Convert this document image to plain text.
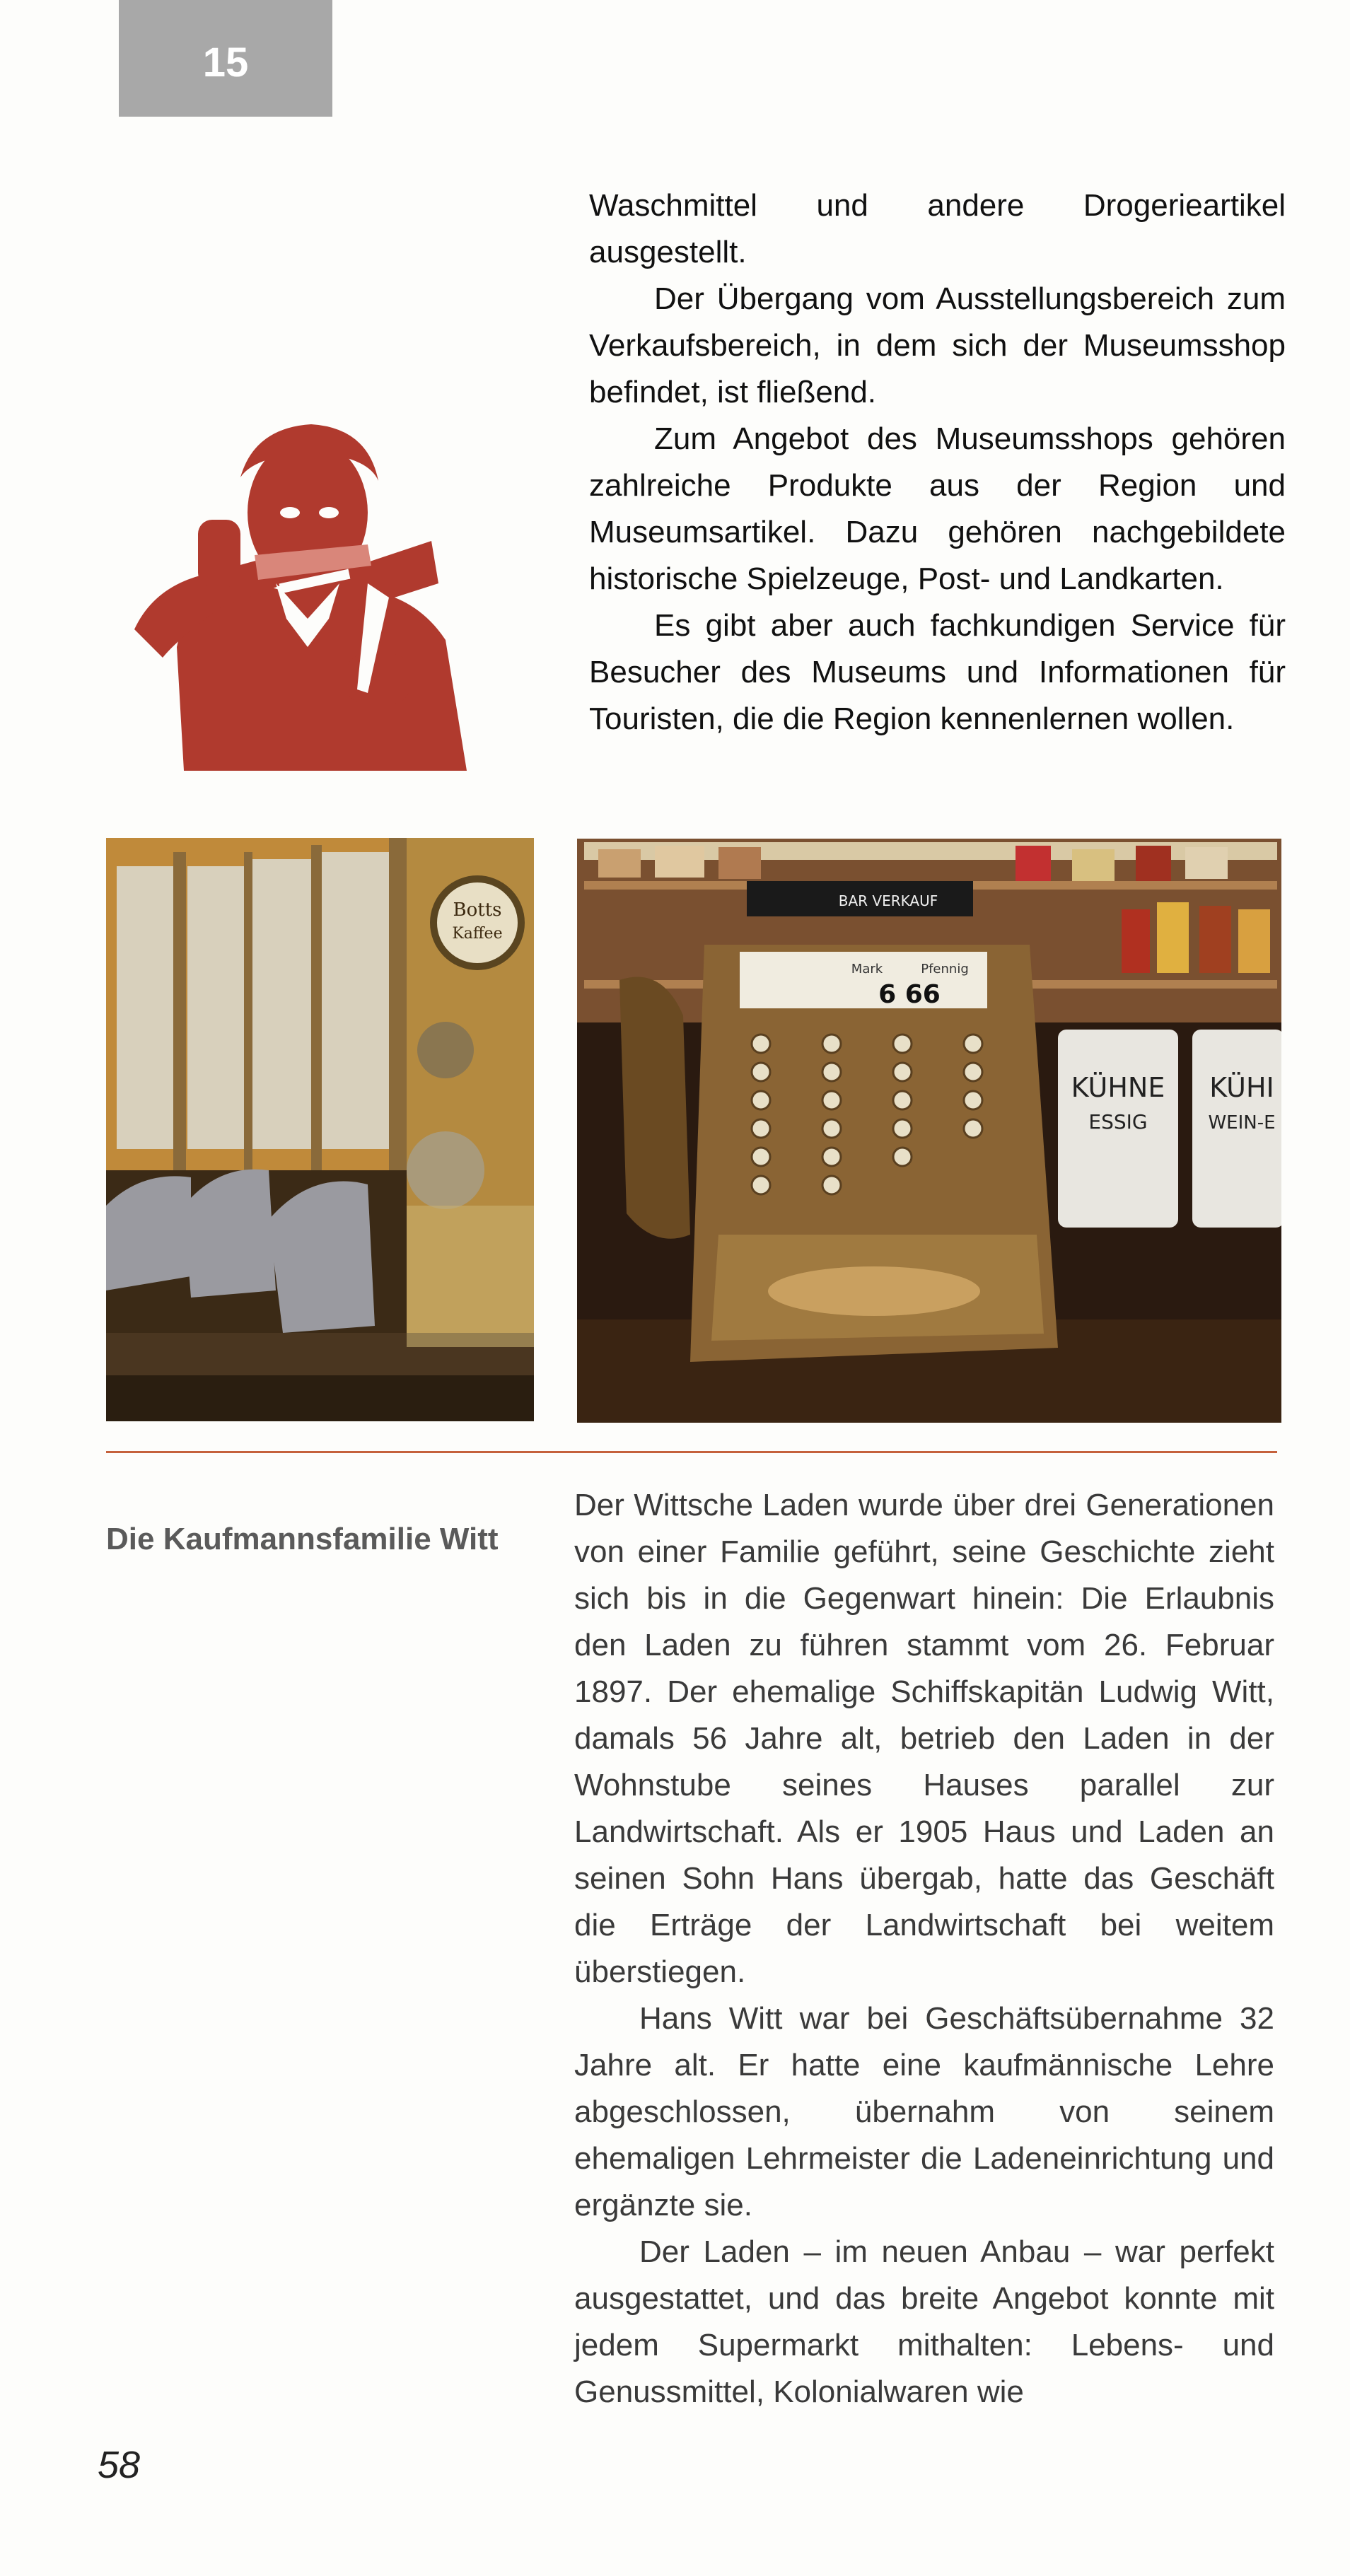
15

Waschmittel und andere Drogerieartikel ausgestellt.

Der Übergang vom Ausstellungsbereich zum Verkaufsbereich, in dem sich der Museumsshop befindet, ist fließend.

Zum Angebot des Museumsshops gehören zahlreiche Produkte aus der Region und Museumsartikel. Dazu gehören nachgebildete historische Spielzeuge, Post- und Landkarten.

Es gibt aber auch fachkundigen Service für Besucher des Museums und Informationen für Touristen, die die Region kennenlernen wollen.

Botts
Kaffee
KÜHNE
ESSIG
KÜHI
WEIN-E
BAR VERKAUF
Mark	Pfennig
6 66
Die Kaufmannsfamilie Witt

Der Wittsche Laden wurde über drei Generationen von einer Familie geführt, seine Geschichte zieht sich bis in die Gegenwart hinein: Die Erlaubnis den Laden zu führen stammt vom 26. Februar 1897. Der ehemalige Schiffskapitän Ludwig Witt, damals 56 Jahre alt, betrieb den Laden in der Wohnstube seines Hauses parallel zur Landwirtschaft. Als er 1905 Haus und Laden an seinen Sohn Hans übergab, hatte das Geschäft die Erträge der Landwirtschaft bei weitem überstiegen.

Hans Witt war bei Geschäftsübernahme 32 Jahre alt. Er hatte eine kaufmännische Lehre abgeschlossen, übernahm von seinem ehemaligen Lehrmeister die Ladeneinrichtung und ergänzte sie.

Der Laden – im neuen Anbau – war perfekt ausgestattet, und das breite Angebot konnte mit jedem Supermarkt mithalten: Lebens- und Genussmittel, Kolonialwaren wie

58
